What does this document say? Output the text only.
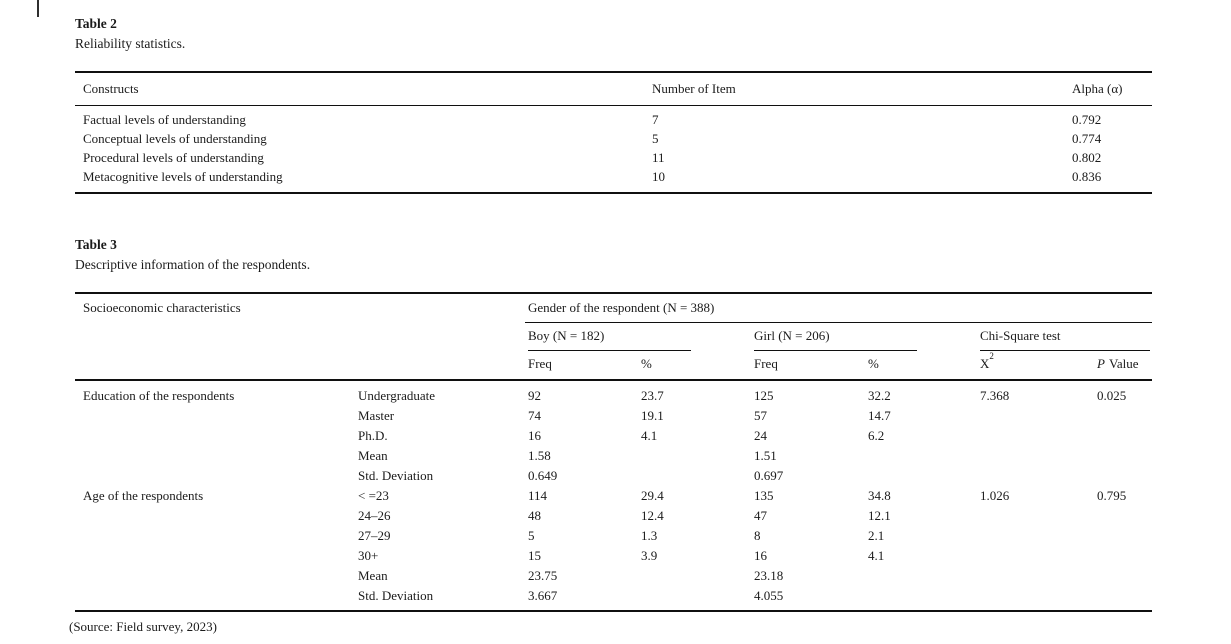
Table 2
Reliability statistics.
Constructs	Number of Item	Alpha (α)
Factual levels of understanding	7	0.792
Conceptual levels of understanding	5	0.774
Procedural levels of understanding	11	0.802
Metacognitive levels of understanding	10	0.836
Table 3
Descriptive information of the respondents.
Socioeconomic characteristics		Gender of the respondent (N = 388)					
		Boy (N = 182)		Girl (N = 206)		Chi-Square test	
		Freq	%	Freq	%	$X^2$	P Value
Education of the respondents	Undergraduate	92	23.7	125	32.2	7.368	0.025
	Master	74	19.1	57	14.7		
	Ph.D.	16	4.1	24	6.2		
	Mean	1.58		1.51			
	Std. Deviation	0.649		0.697			
Age of the respondents	< =23	114	29.4	135	34.8	1.026	0.795
	24–26	48	12.4	47	12.1		
	27–29	5	1.3	8	2.1		
	30+	15	3.9	16	4.1		
	Mean	23.75		23.18			
	Std. Deviation	3.667		4.055			
(Source: Field survey, 2023)
